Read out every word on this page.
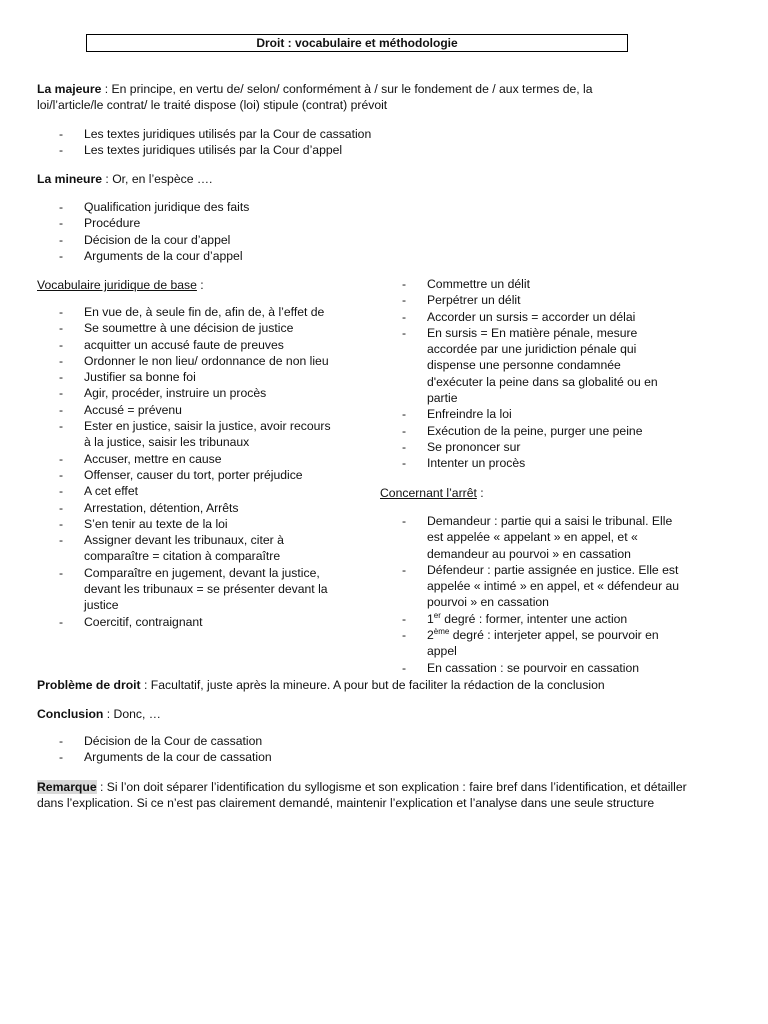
Droit : vocabulaire et méthodologie
La majeure : En principe, en vertu de/ selon/ conformément à / sur le fondement de / aux termes de, la loi/l’article/le contrat/ le traité dispose (loi) stipule (contrat) prévoit
- Les textes juridiques utilisés par la Cour de cassation
- Les textes juridiques utilisés par la Cour d’appel
La mineure : Or, en l’espèce ….
- Qualification juridique des faits
- Procédure
- Décision de la cour d’appel
- Arguments de la cour d’appel
Vocabulaire juridique de base :
- En vue de, à seule fin de, afin de, à l’effet de
- Se soumettre à une décision de justice
- acquitter un accusé faute de preuves
- Ordonner le non lieu/ ordonnance de non lieu
- Justifier sa bonne foi
- Agir, procéder, instruire un procès
- Accusé = prévenu
- Ester en justice, saisir la justice, avoir recours à la justice, saisir les tribunaux
- Accuser, mettre en cause
- Offenser, causer du tort, porter préjudice
- A cet effet
- Arrestation, détention, Arrêts
- S’en tenir au texte de la loi
- Assigner devant les tribunaux, citer à comparaître = citation à comparaître
- Comparaître en jugement, devant la justice, devant les tribunaux = se présenter devant la justice
- Coercitif, contraignant
- Commettre un délit
- Perpétrer un délit
- Accorder un sursis = accorder un délai
- En sursis = En matière pénale, mesure accordée par une juridiction pénale qui dispense une personne condamnée d'exécuter la peine dans sa globalité ou en partie
- Enfreindre la loi
- Exécution de la peine, purger une peine
- Se prononcer sur
- Intenter un procès
Concernant l’arrêt :
- Demandeur : partie qui a saisi le tribunal. Elle est appelée « appelant » en appel, et « demandeur au pourvoi » en cassation
- Défendeur : partie assignée en justice. Elle est appelée « intimé » en appel, et « défendeur au pourvoi » en cassation
- 1er degré : former, intenter une action
- 2ème degré : interjeter appel, se pourvoir en appel
- En cassation : se pourvoir en cassation
Problème de droit : Facultatif, juste après la mineure. A pour but de faciliter la rédaction de la conclusion
Conclusion : Donc, …
- Décision de la Cour de cassation
- Arguments de la cour de cassation
Remarque : Si l’on doit séparer l’identification du syllogisme et son explication : faire bref dans l’identification, et détailler dans l’explication. Si ce n’est pas clairement demandé, maintenir l’explication et l’analyse dans une seule structure
